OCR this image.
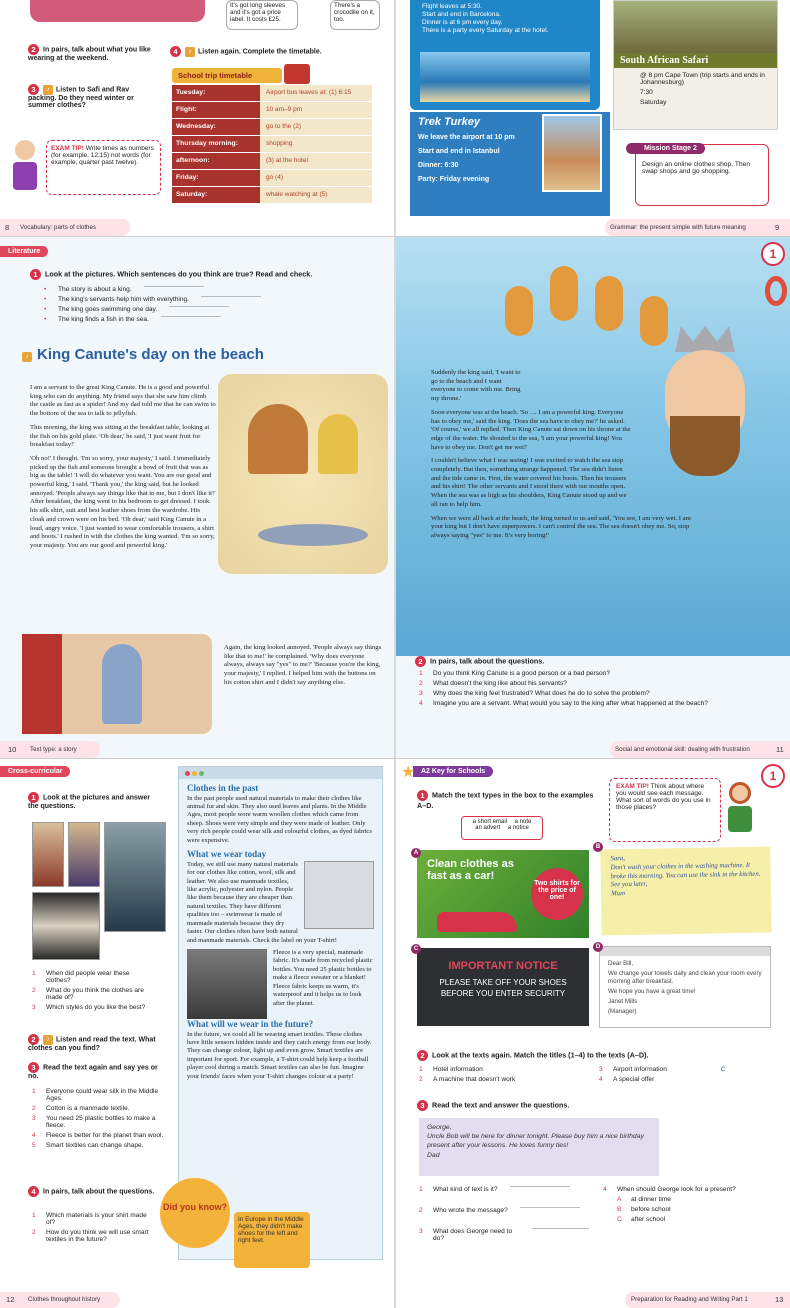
It's got long sleeves and it's got a price label. It costs £25.
There's a crocodile on it, too.
2 In pairs, talk about what you like wearing at the weekend.
3 ♪ Listen to Safi and Rav packing. Do they need winter or summer clothes?
EXAM TIP! Write times as numbers (for example, 12:15) not words (for example, quarter past twelve).
4 ♪ Listen again. Complete the timetable.
School trip timetable
Tuesday:	Airport bus leaves at: (1) 6:15
Flight:	10 am–9 pm
Wednesday:	go to the (2)
Thursday morning:	shopping
afternoon:	(3) at the hotel
Friday:	go (4)
Saturday:	whale watching at (5)
8 Vocabulary: parts of clothes
Flight leaves at 5:30.
Start and end in Barcelona.
Dinner is at 6 pm every day.
There is a party every Saturday at the hotel.
Trek Turkey
We leave the airport at 10 pm
Start and end in Istanbul
Dinner: 6:30
Party: Friday evening
South African Safari
@ 8 pm Cape Town (trip starts and ends in Johannesburg)
7:30
Saturday
Mission Stage 2
Design an online clothes shop. Then swap shops and go shopping.
Grammar: the present simple with future meaning	9
Literature
1 Look at the pictures. Which sentences do you think are true? Read and check.
•	The story is about a king.
•	The king's servants help him with everything.
•	The king goes swimming one day.
•	The king finds a fish in the sea.
♪ King Canute's day on the beach

I am a servant to the great King Canute. He is a good and powerful king who can do anything. My friend says that she saw him climb the castle as fast as a spider! And my dad told me that he can swim to the bottom of the sea to talk to jellyfish.

This morning, the king was sitting at the breakfast table, looking at the fish on his gold plate. 'Oh dear,' he said, 'I just want fruit for breakfast today!'

'Oh no!' I thought. 'I'm so sorry, your majesty,' I said. I immediately picked up the fish and someone brought a bowl of fruit that was as big as the table! 'I will do whatever you want. You are our good and powerful king,' I said. 'Thank you,' the king said, but he looked annoyed. 'People always say things like that to me, but I don't like it!' After breakfast, the king went to his bedroom to get dressed. I took his silk shirt, suit and best leather shoes from the wardrobe. His cloak and crown were on his bed. 'Oh dear,' said King Canute in a loud, angry voice. 'I just wanted to wear comfortable trousers, a shirt and boots.' I rushed in with the clothes the king wanted. 'I'm so sorry, your majesty. You are our good and powerful king.'

Again, the king looked annoyed. 'People always say things like that to me!' he complained. 'Why does everyone always, always say "yes" to me?' 'Because you're the king, your majesty,' I replied. I helped him with the buttons on his cotton shirt and I didn't say anything else.
10 Text type: a story
1

Suddenly the king said, 'I want to go to the beach and I want everyone to come with me. Bring my throne.'

Soon everyone was at the beach. 'So … I am a powerful king. Everyone has to obey me,' said the king. 'Does the sea have to obey me?' he asked. 'Of course,' we all replied. Then King Canute sat down on his throne at the edge of the water. He shouted to the sea, 'I am your powerful king! You have to obey me. Don't get me wet!'

I couldn't believe what I was seeing! I was excited to watch the sea stop completely. But then, something strange happened. The sea didn't listen and the tide came in. First, the water covered his boots. Then his trousers and his shirt! The other servants and I stood there with our mouths open. When the sea was as high as his shoulders, King Canute stood up and we all ran to help him.

When we were all back at the beach, the king turned to us and said, 'You see, I am very wet. I am your king but I don't have superpowers. I can't control the sea. The sea doesn't obey me. So, stop always saying "yes" to me. It's very boring!'

2 In pairs, talk about the questions.
1	Do you think King Canute is a good person or a bad person?
2	What doesn't the king like about his servants?
3	Why does the king feel frustrated? What does he do to solve the problem?
4	Imagine you are a servant. What would you say to the king after what happened at the beach?
Social and emotional skill: dealing with frustration	11
Cross-curricular
1 Look at the pictures and answer the questions.
1	When did people wear these clothes?
2	What do you think the clothes are made of?
3	Which styles do you like the best?
2 ♪ Listen and read the text. What clothes can you find?
3 Read the text again and say yes or no.
1	Everyone could wear silk in the Middle Ages.
2	Cotton is a manmade textile.
3	You need 25 plastic bottles to make a fleece.
4	Fleece is better for the planet than wool.
5	Smart textiles can change shape.
4 In pairs, talk about the questions.
1	Which materials is your shirt made of?
2	How do you think we will use smart textiles in the future?

Clothes in the past
In the past people used natural materials to make their clothes like animal fur and skin. They also used leaves and plants. In the Middle Ages, most people wore warm woollen clothes which came from sheep. Shoes were very simple and they were made of leather. Only very rich people could wear silk and colourful clothes, as dyed fabrics were expensive.
What we wear today
Today, we still use many natural materials for our clothes like cotton, wool, silk and leather. We also use manmade textiles, like acrylic, polyester and nylon. People like them because they are cheaper than natural textiles. They have different qualities too – swimwear is made of manmade materials because they dry faster. Our clothes often have both natural and manmade materials. Check the label on your T-shirt!
Fleece is a very special, manmade fabric. It's made from recycled plastic bottles. You need 25 plastic bottles to make a fleece sweater or a blanket! Fleece fabric keeps us warm, it's waterproof and it helps us to look after the planet.
What will we wear in the future?
In the future, we could all be wearing smart textiles. These clothes have little sensors hidden inside and they catch energy from our body. They can change colour, light up and even grow. Smart textiles are important for sport. For example, a T-shirt could help keep a football player cool during a match. Smart textiles can also be fun. Imagine your friends' faces when your T-shirt changes colour at a party!
Did you know?
In Europe in the Middle Ages, they didn't make shoes for the left and right feet.
12 Clothes throughout history
A2 Key for Schools
★	1
1 Match the text types in the box to the examples A–D.
a short email a note an advert a notice
EXAM TIP! Think about where you would see each message. What sort of words do you use in those places?
Clean clothes as fast as a car!
Two shirts for the price of one!
A
Sara,
Don't wash your clothes in the washing machine. It broke this morning. You can use the sink in the kitchen.
See you later,
Mum
B
IMPORTANT NOTICE
PLEASE TAKE OFF YOUR SHOES BEFORE YOU ENTER SECURITY
C
Dear Bill,
We change your towels daily and clean your room every morning after breakfast.
We hope you have a great time!
Janet Mills
(Manager)
D
2 Look at the texts again. Match the titles (1–4) to the texts (A–D).
1	Hotel information
2	A machine that doesn't work
3	Airport information	C
4	A special offer
3 Read the text and answer the questions.
George,
Uncle Bob will be here for dinner tonight. Please buy him a nice birthday present after your lessons. He loves funny ties!
Dad
1	What kind of text is it?
2	Who wrote the message?
3	What does George need to do?
4	When should George look for a present?
A	at dinner time
B	before school
C	after school
Preparation for Reading and Writing Part 1	13
